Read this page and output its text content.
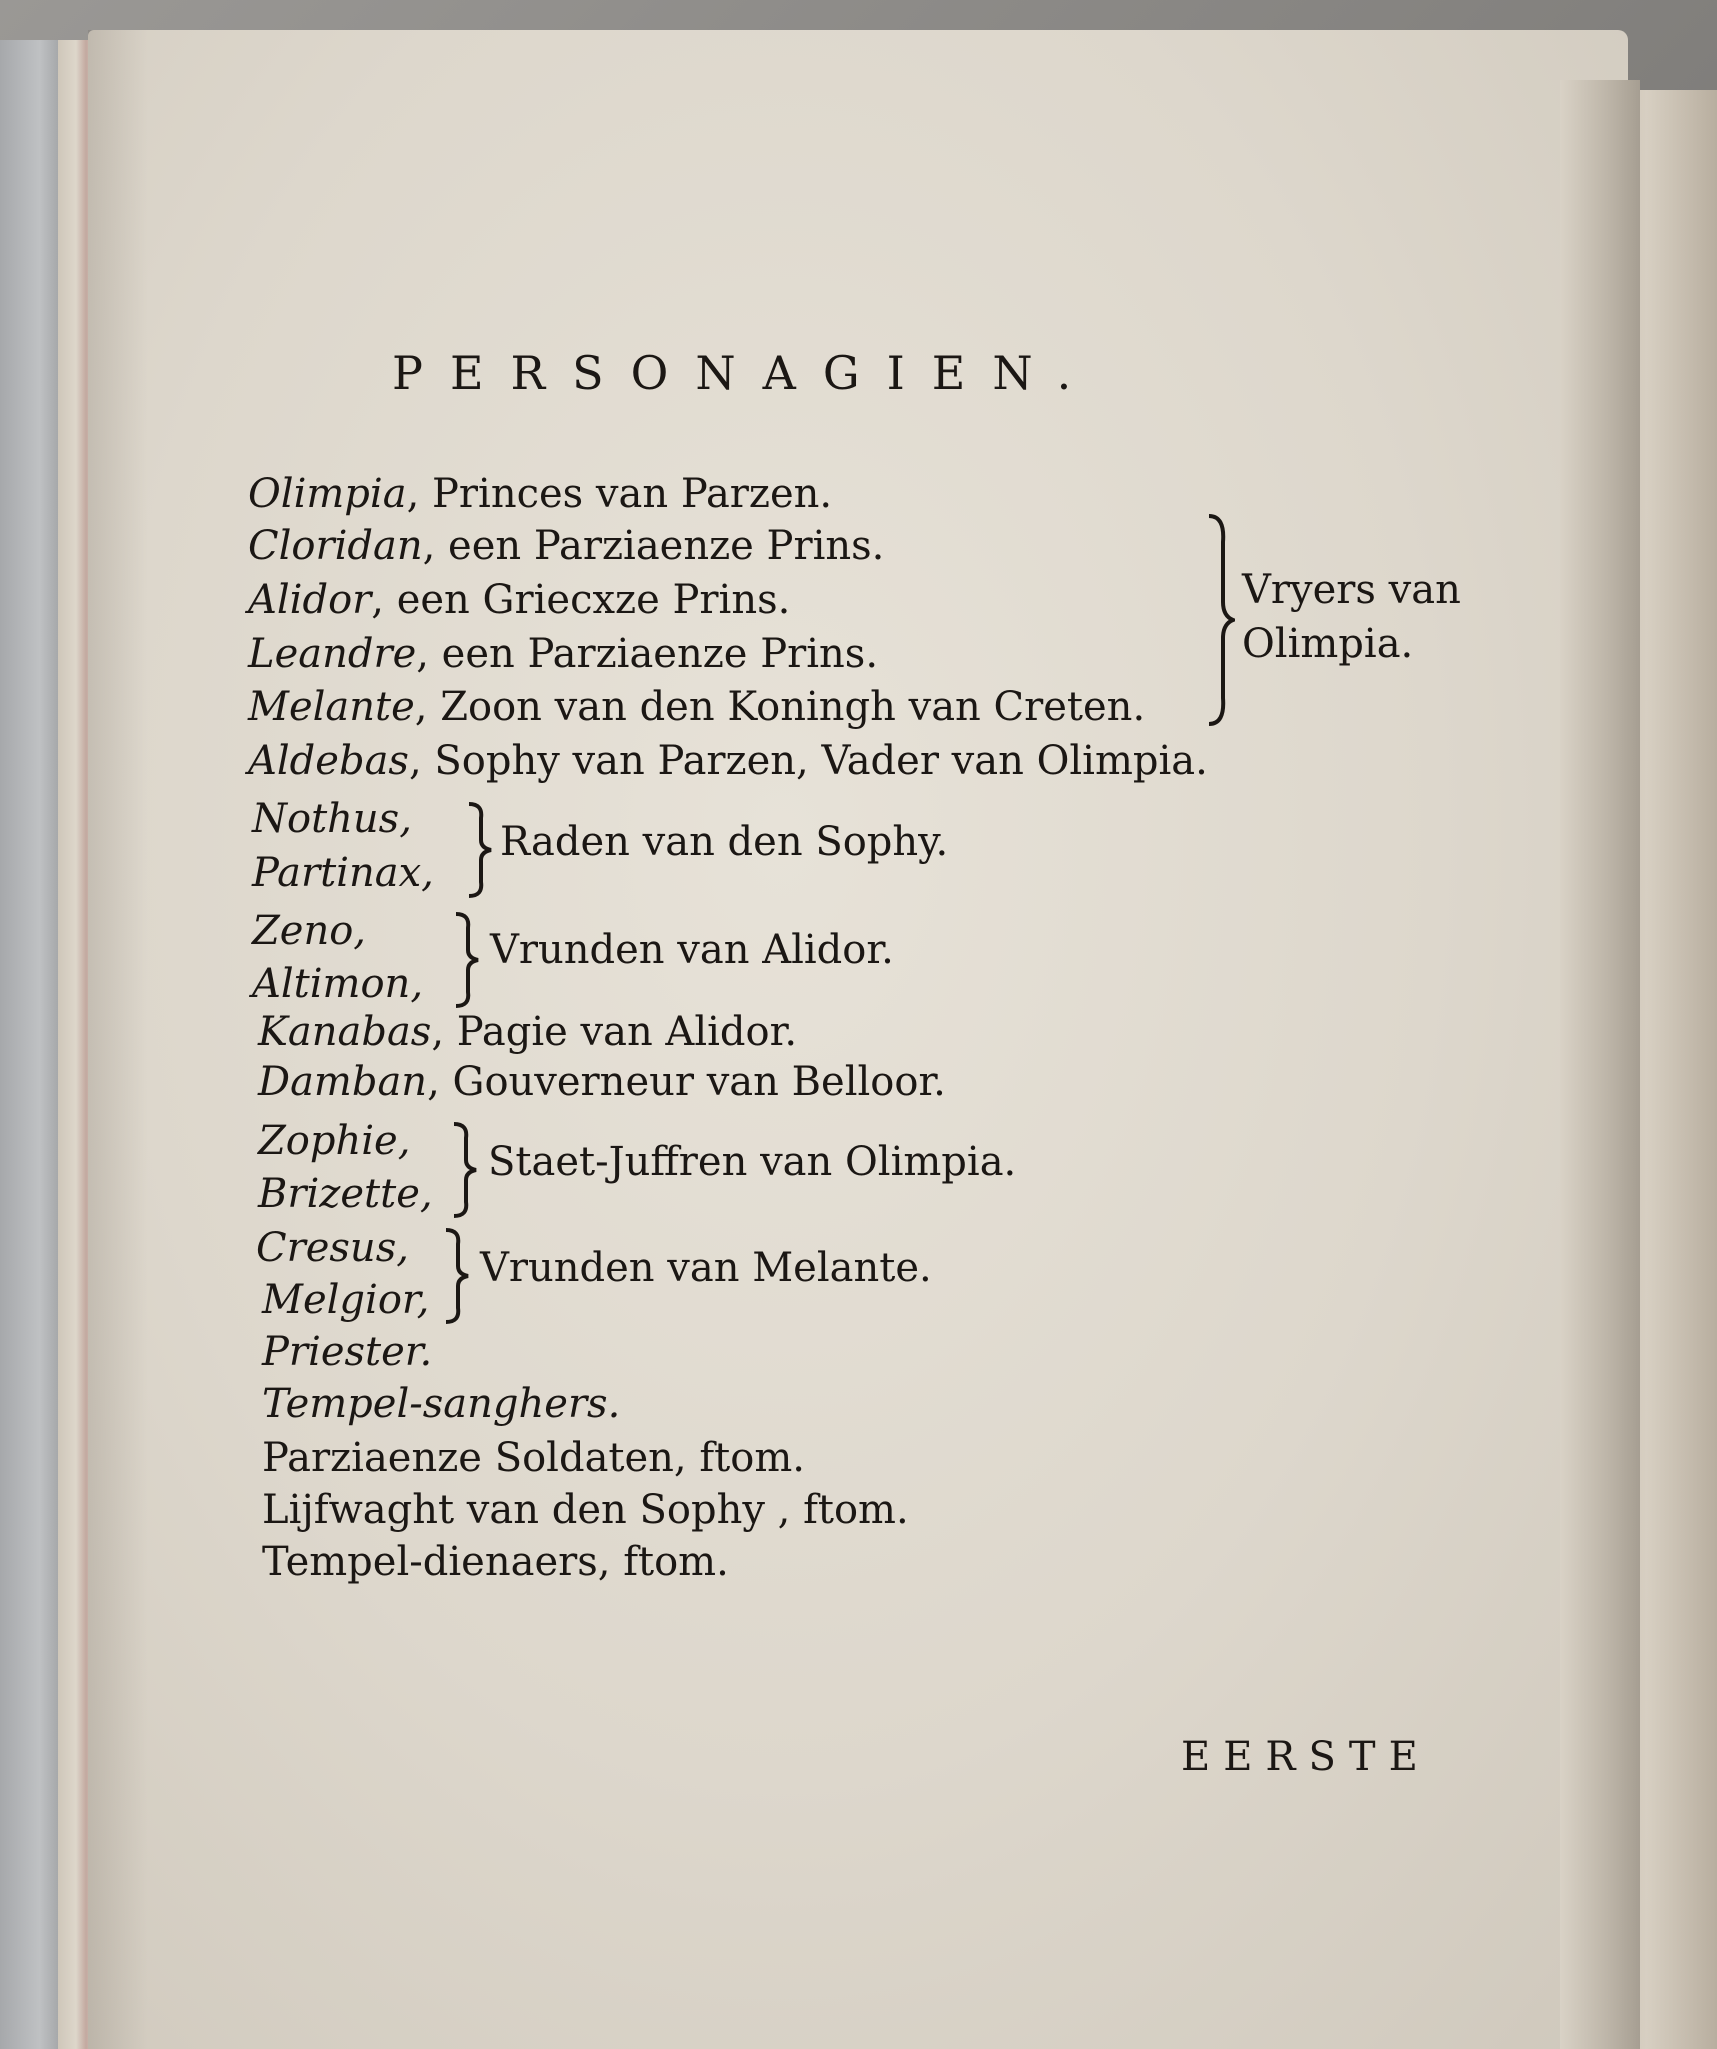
PERSONAGIEN.
Olimpia, Princes van Parzen.
Cloridan, een Parziaenze Prins.
Alidor, een Griecxze Prins.
Leandre, een Parziaenze Prins.
Melante, Zoon van den Koningh van Creten.
Vryers van
Olimpia.
Aldebas, Sophy van Parzen, Vader van Olimpia.
Nothus,
Partinax,
Raden van den Sophy.
Zeno,
Altimon,
Vrunden van Alidor.
Kanabas, Pagie van Alidor.
Damban, Gouverneur van Belloor.
Zophie,
Brizette,
Staet-Juffren van Olimpia.
Cresus,
Melgior,
Vrunden van Melante.
Priester.
Tempel-sanghers.
Parziaenze Soldaten, ftom.
Lijfwaght van den Sophy , ftom.
Tempel-dienaers, ftom.
EERSTE
